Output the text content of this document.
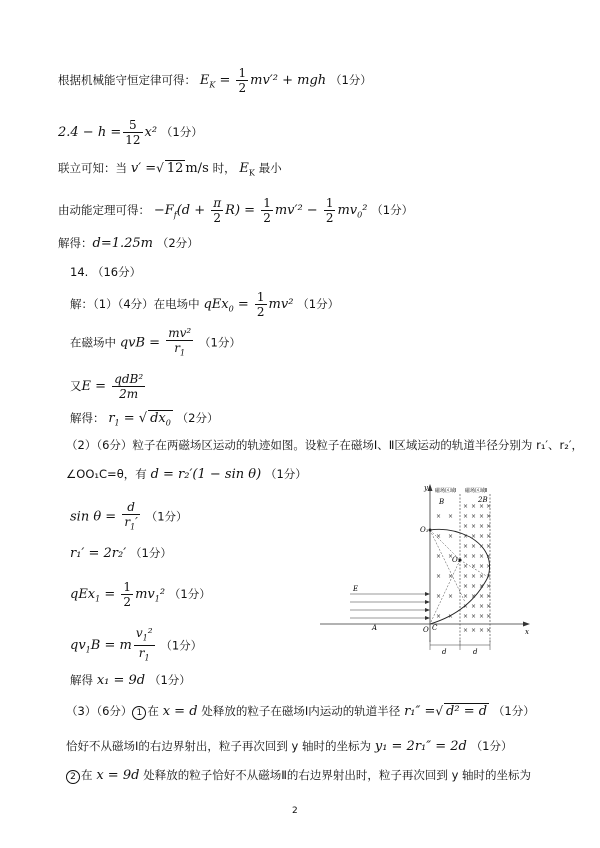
根据机械能守恒定律可得： $E_K = \frac{1}{2} mv'^2$ + mgh （1分）
$2.4 - h = \frac{5}{12} x^2$ （1分）
联立可知：当 v′ =√ 12 m/s 时， $E_K$ 最小
由动能定理可得： $-F_f(d + \frac{\pi}{2} R) = \frac{1}{2} mv'^2 - \frac{1}{2} mv_0^2$ （1分）
解得：d=1.25m （2分）
14. （16分）
解：（1）（4分）在电场中 $qEx_0 = \frac{1}{2} mv^2$ （1分）
在磁场中 qvB = $\frac{\text{mv²}}{r_1} (1$分）
又$E = \frac{\text{qdB²}}{2m}$
解得： $r_1$ = √ $dx_0$ （2分）
（2）（6分）粒子在两磁场区运动的轨迹如图。设粒子在磁场Ⅰ、Ⅱ区域运动的轨道半径分别为 r₁′、r₂′，
∠OO₁C=θ，有 d = r₂′(1 − sin θ) （1分）
$\sin \theta = \frac{d}{r_1'} (1$分）
r₁′ = 2r₂′ （1分）
$qEx_1 = \frac{1}{2} mv_1^2$ （1分）
$qv_1B = m \frac{v_1^2}{r_1} (1$分）
解得 x₁ = 9d （1分）
（3）（6分） 1 在 x = d 处释放的粒子在磁场Ⅰ内运动的轨道半径 r₁″ =√ d² = d （1分）
恰好不从磁场Ⅰ的右边界射出，粒子再次回到 y 轴时的坐标为 y₁ = 2r₁″ = 2d （1分）
2 在 x = 9d 处释放的粒子恰好不从磁场Ⅱ的右边界射出时，粒子再次回到 y 轴时的坐标为
2
× ×
× ×
× ×
× ×
× ×
× ×
× × × ×
× × × ×
× × × ×
× × × ×
× × × ×
× × × ×
× × × ×
× × × ×
× × × ×
× × × ×
× × × ×
× × × ×
× × × ×
磁场区域Ⅰ 磁场区域Ⅱ
y
x
B	2B
O₁
O₂
E
A	O C
d	d
